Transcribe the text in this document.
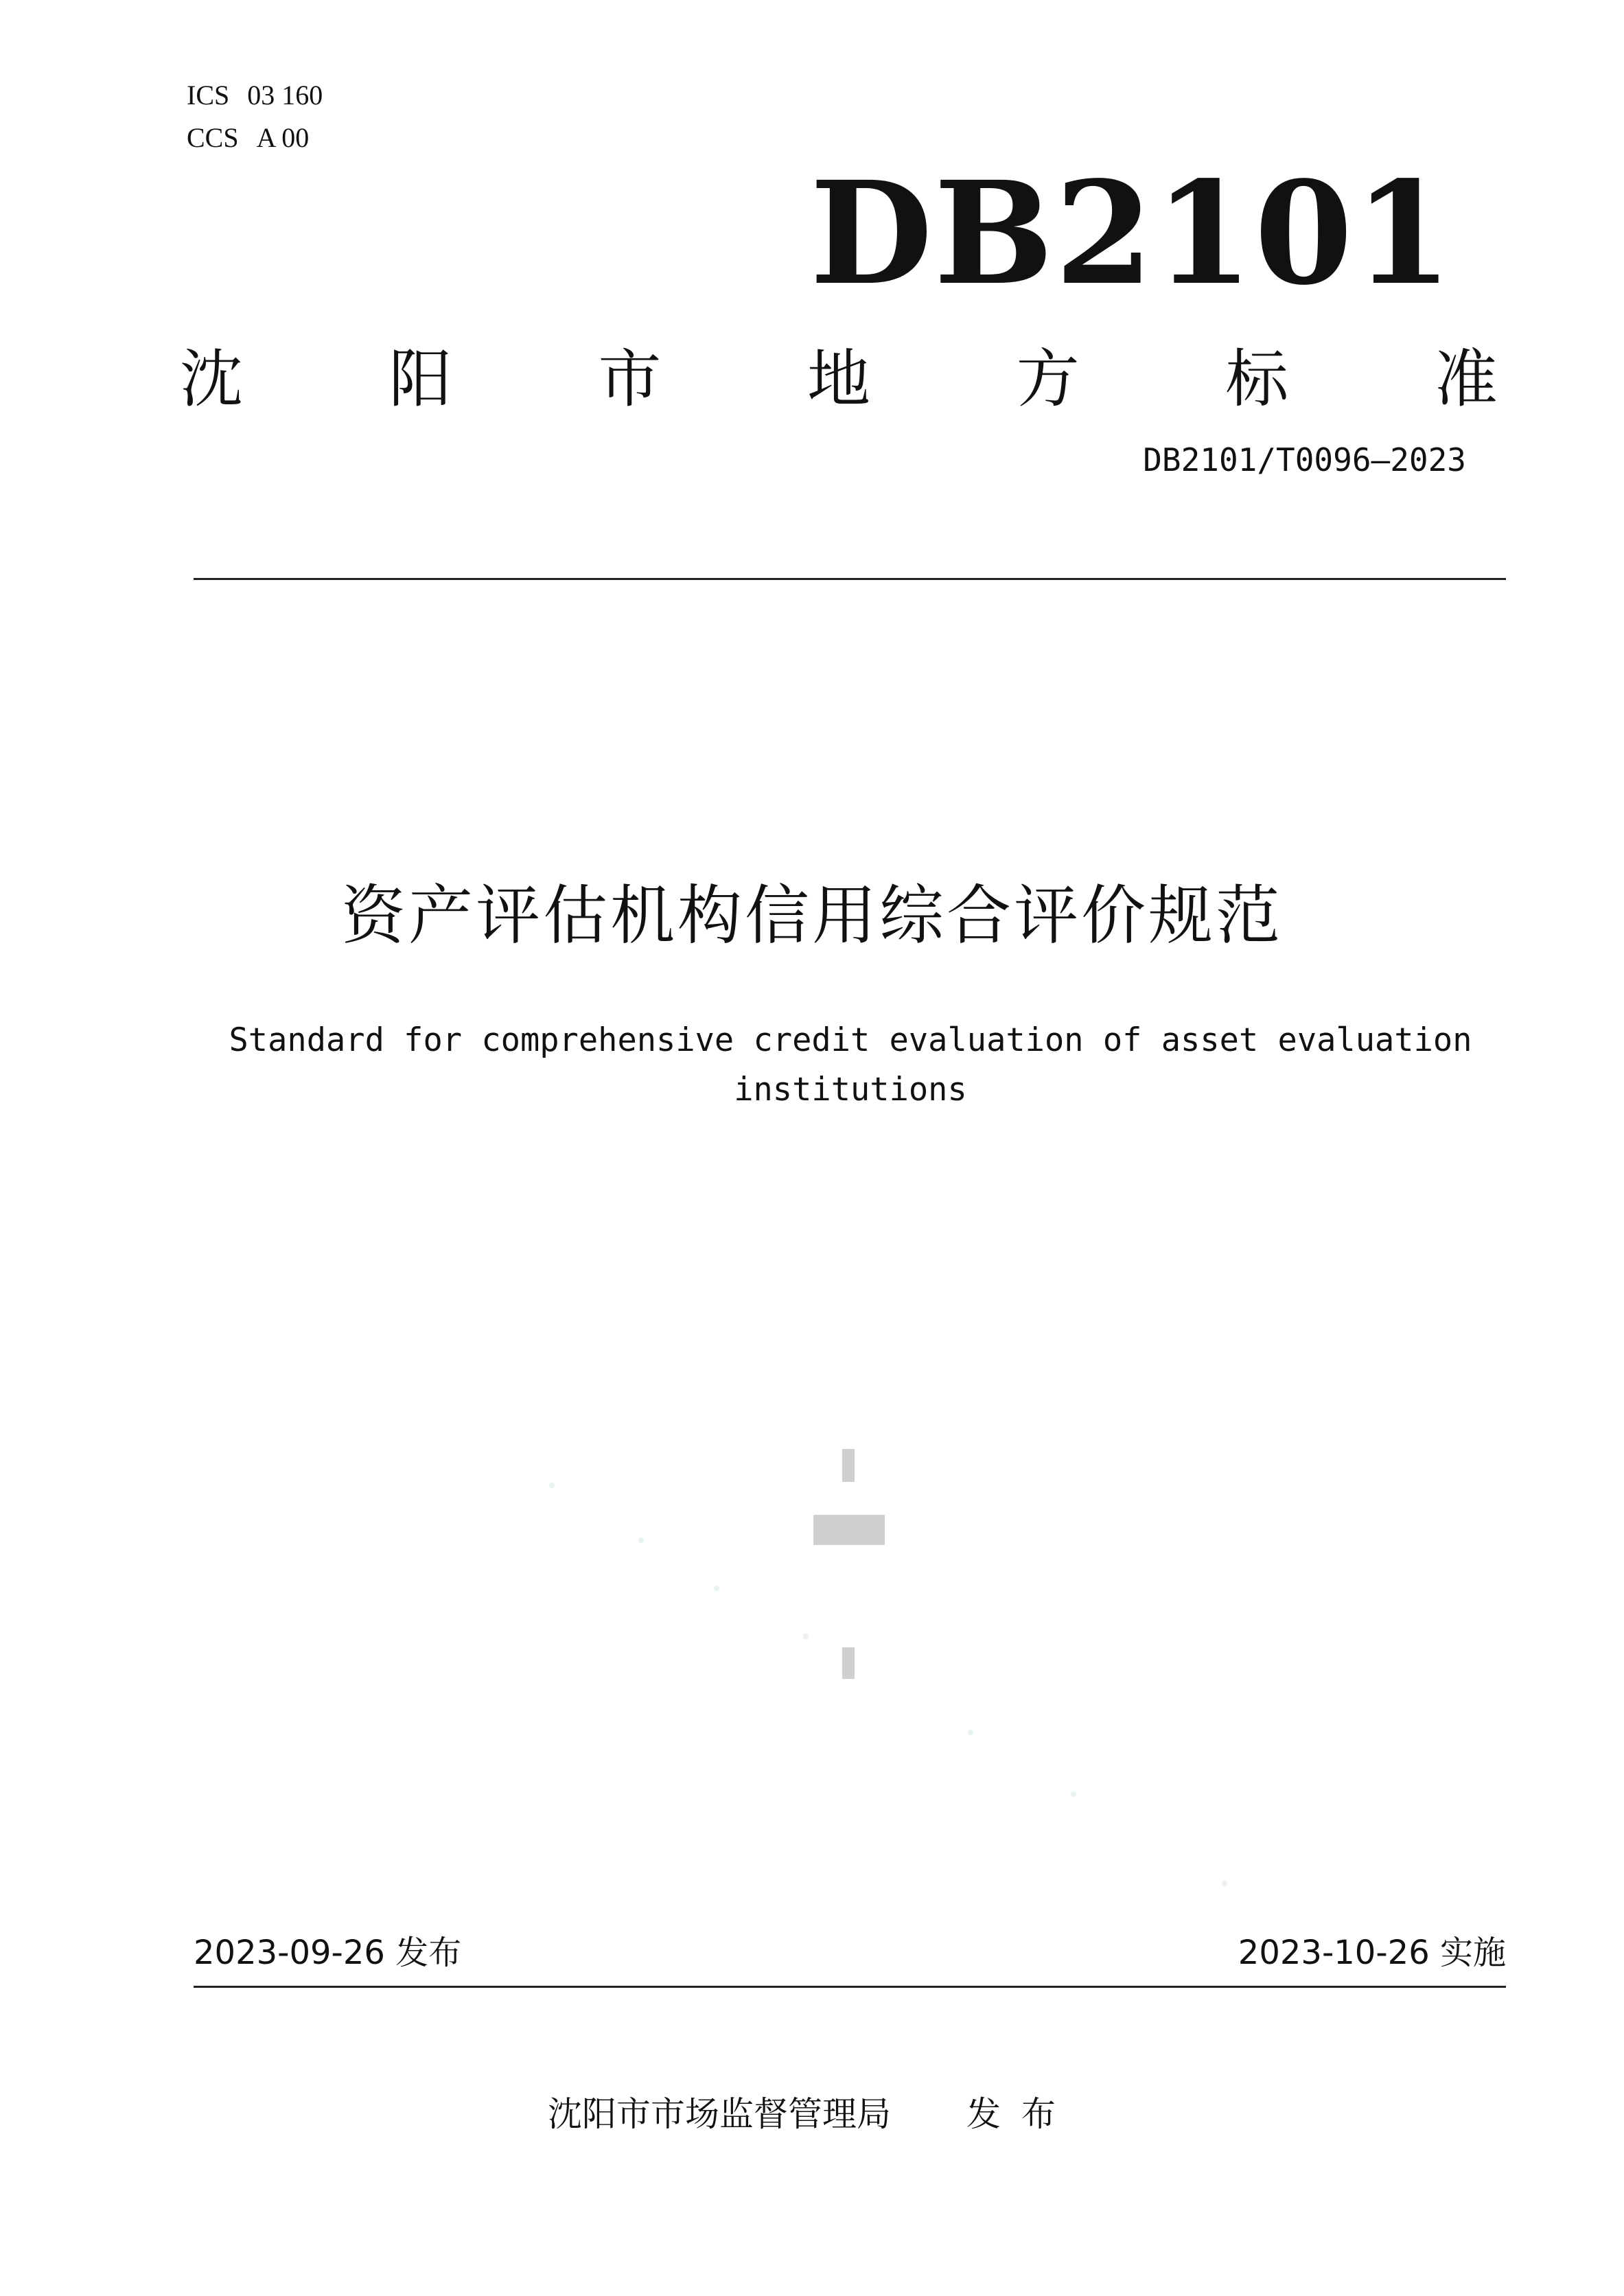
ICS 03 160
CCS A 00
DB2101
沈 阳 市 地 方 标 准
DB2101/T0096—2023
资产评估机构信用综合评价规范
Standard for comprehensive credit evaluation of asset evaluation
institutions
2023-09-26 发布	2023-10-26 实施
沈阳市市场监督管理局 发布
